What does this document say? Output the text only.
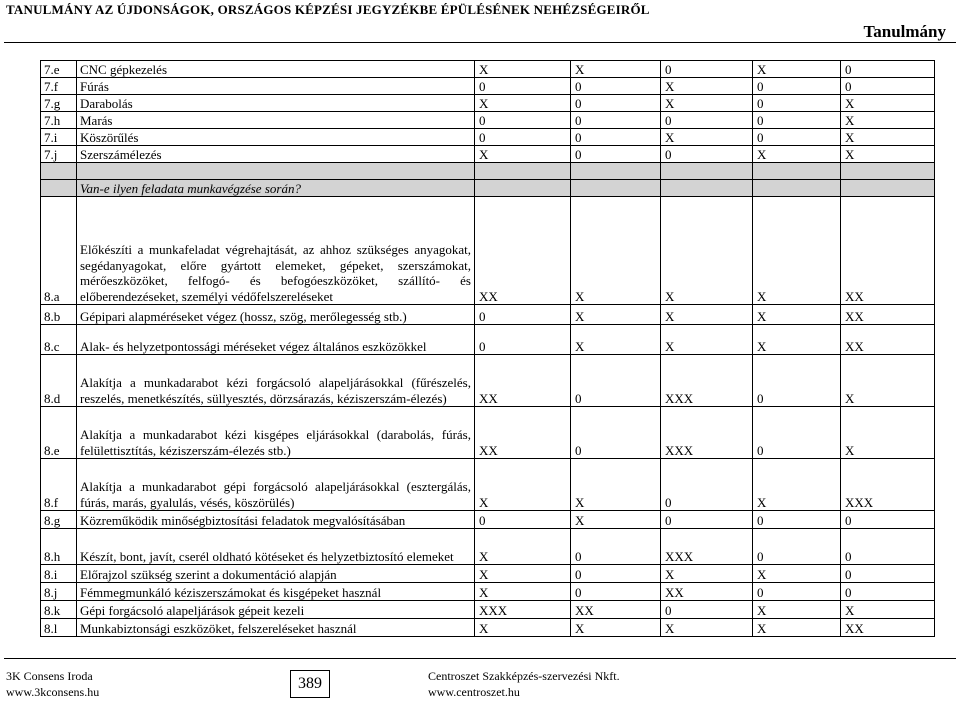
TANULMÁNY AZ ÚJDONSÁGOK, ORSZÁGOS KÉPZÉSI JEGYZÉKBE ÉPÜLÉSÉNEK NEHÉZSÉGEIRŐL
Tanulmány
7.e	CNC gépkezelés	X	X	0	X	0
7.f	Fúrás	0	0	X	0	0
7.g	Darabolás	X	0	X	0	X
7.h	Marás	0	0	0	0	X
7.i	Köszörűlés	0	0	X	0	X
7.j	Szerszámélezés	X	0	0	X	X

	Van-e ilyen feladata munkavégzése során?					
8.a	Előkészíti a munkafeladat végrehajtását, az ahhoz szükséges anyagokat, segédanyagokat, előre gyártott elemeket, gépeket, szerszámokat, mérőeszközöket, felfogó- és befogóeszközöket, szállító- és előberendezéseket, személyi védőfelszereléseket	XX	X	X	X	XX
8.b	Gépipari alapméréseket végez (hossz, szög, merőlegesség stb.)	0	X	X	X	XX
8.c	Alak- és helyzetpontossági méréseket végez általános eszközökkel	0	X	X	X	XX
8.d	Alakítja a munkadarabot kézi forgácsoló alapeljárásokkal (fűrészelés, reszelés, menetkészítés, süllyesztés, dörzsárazás, kéziszerszám-élezés)	XX	0	XXX	0	X
8.e	Alakítja a munkadarabot kézi kisgépes eljárásokkal (darabolás, fúrás, felülettisztítás, kéziszerszám-élezés stb.)	XX	0	XXX	0	X
8.f	Alakítja a munkadarabot gépi forgácsoló alapeljárásokkal (esztergálás, fúrás, marás, gyalulás, vésés, köszörülés)	X	X	0	X	XXX
8.g	Közreműködik minőségbiztosítási feladatok megvalósításában	0	X	0	0	0
8.h	Készít, bont, javít, cserél oldható kötéseket és helyzetbiztosító elemeket	X	0	XXX	0	0
8.i	Előrajzol szükség szerint a dokumentáció alapján	X	0	X	X	0
8.j	Fémmegmunkáló kéziszerszámokat és kisgépeket használ	X	0	XX	0	0
8.k	Gépi forgácsoló alapeljárások gépeit kezeli	XXX	XX	0	X	X
8.l	Munkabiztonsági eszközöket, felszereléseket használ	X	X	X	X	XX
3K Consens Iroda
www.3kconsens.hu	389	Centroszet Szakképzés-szervezési Nkft.
www.centroszet.hu
